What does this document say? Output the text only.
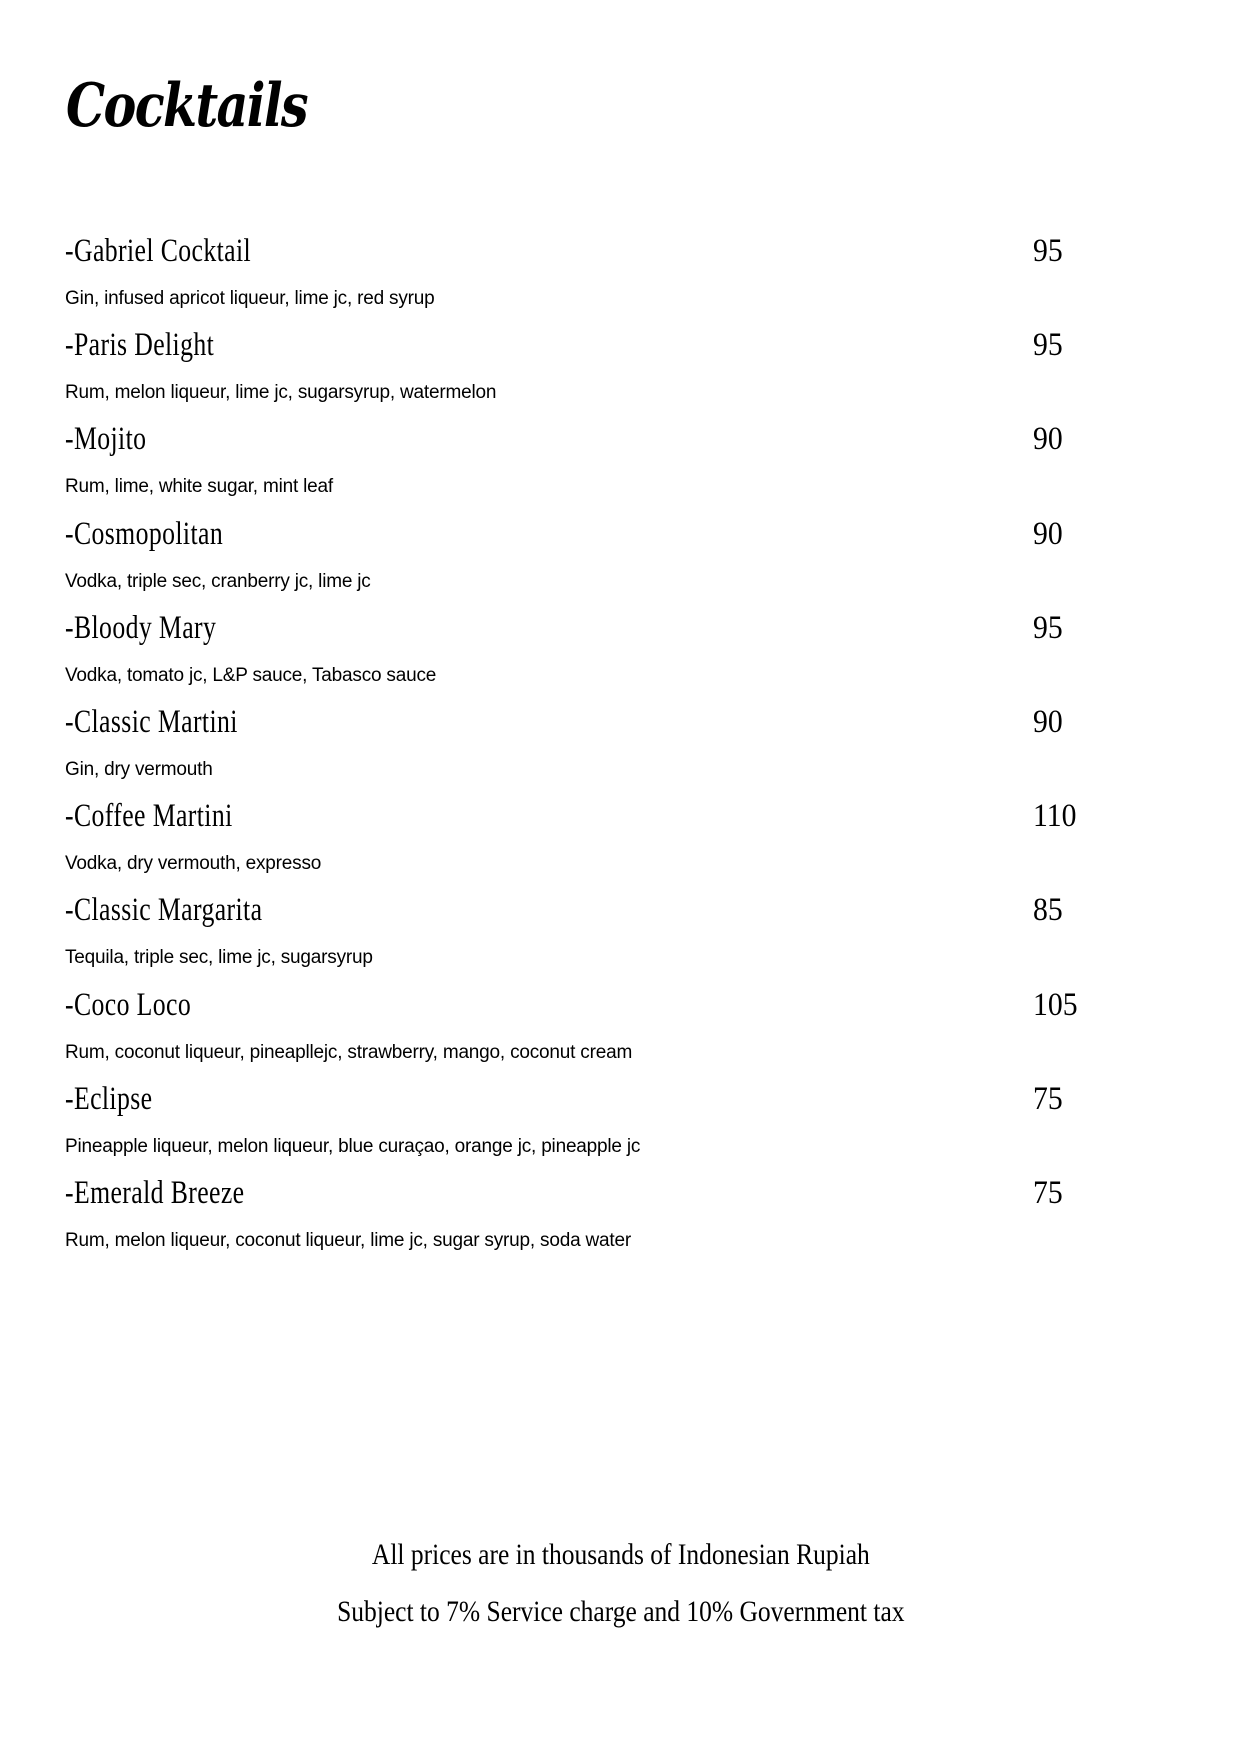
Cocktails
-Gabriel Cocktail	95
Gin, infused apricot liqueur, lime jc, red syrup
-Paris Delight	95
Rum, melon liqueur, lime jc, sugarsyrup, watermelon
-Mojito	90
Rum, lime, white sugar, mint leaf
-Cosmopolitan	90
Vodka, triple sec, cranberry jc, lime jc
-Bloody Mary	95
Vodka, tomato jc, L&P sauce, Tabasco sauce
-Classic Martini	90
Gin, dry vermouth
-Coffee Martini	110
Vodka, dry vermouth, expresso
-Classic Margarita	85
Tequila, triple sec, lime jc, sugarsyrup
-Coco Loco	105
Rum, coconut liqueur, pineapllejc, strawberry, mango, coconut cream
-Eclipse	75
Pineapple liqueur, melon liqueur, blue curaçao, orange jc, pineapple jc
-Emerald Breeze	75
Rum, melon liqueur, coconut liqueur, lime jc, sugar syrup, soda water
All prices are in thousands of Indonesian Rupiah
Subject to 7% Service charge and 10% Government tax
